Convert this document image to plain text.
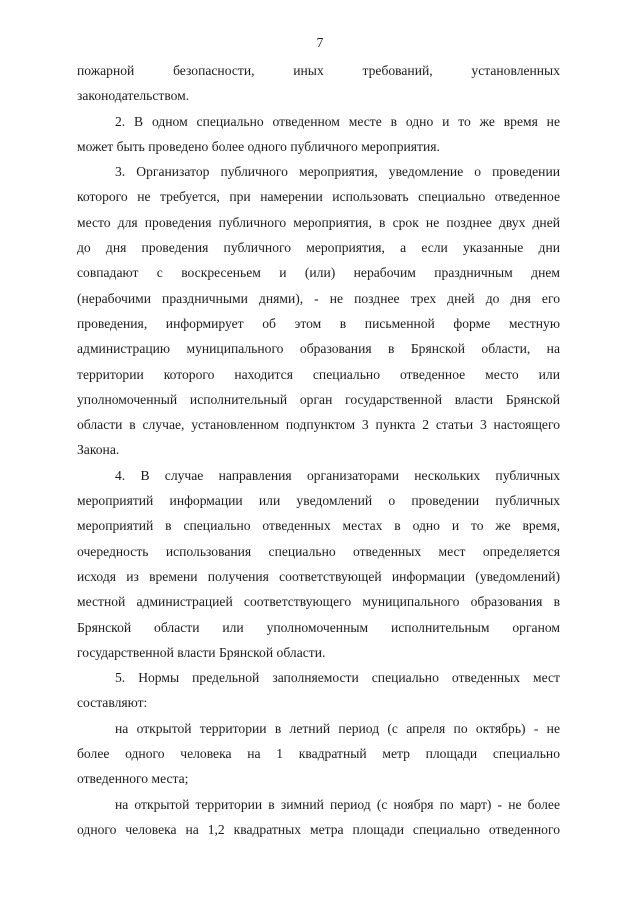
7
пожарной безопасности, иных требований, установленных
законодательством.
2. В одном специально отведенном месте в одно и то же время не
может быть проведено более одного публичного мероприятия.
3. Организатор публичного мероприятия, уведомление о проведении
которого не требуется, при намерении использовать специально отведенное
место для проведения публичного мероприятия, в срок не позднее двух дней
до дня проведения публичного мероприятия, а если указанные дни
совпадают с воскресеньем и (или) нерабочим праздничным днем
(нерабочими праздничными днями), - не позднее трех дней до дня его
проведения, информирует об этом в письменной форме местную
администрацию муниципального образования в Брянской области, на
территории которого находится специально отведенное место или
уполномоченный исполнительный орган государственной власти Брянской
области в случае, установленном подпунктом 3 пункта 2 статьи 3 настоящего
Закона.
4. В случае направления организаторами нескольких публичных
мероприятий информации или уведомлений о проведении публичных
мероприятий в специально отведенных местах в одно и то же время,
очередность использования специально отведенных мест определяется
исходя из времени получения соответствующей информации (уведомлений)
местной администрацией соответствующего муниципального образования в
Брянской области или уполномоченным исполнительным органом
государственной власти Брянской области.
5. Нормы предельной заполняемости специально отведенных мест
составляют:
на открытой территории в летний период (с апреля по октябрь) - не
более одного человека на 1 квадратный метр площади специально
отведенного места;
на открытой территории в зимний период (с ноября по март) - не более
одного человека на 1,2 квадратных метра площади специально отведенного
